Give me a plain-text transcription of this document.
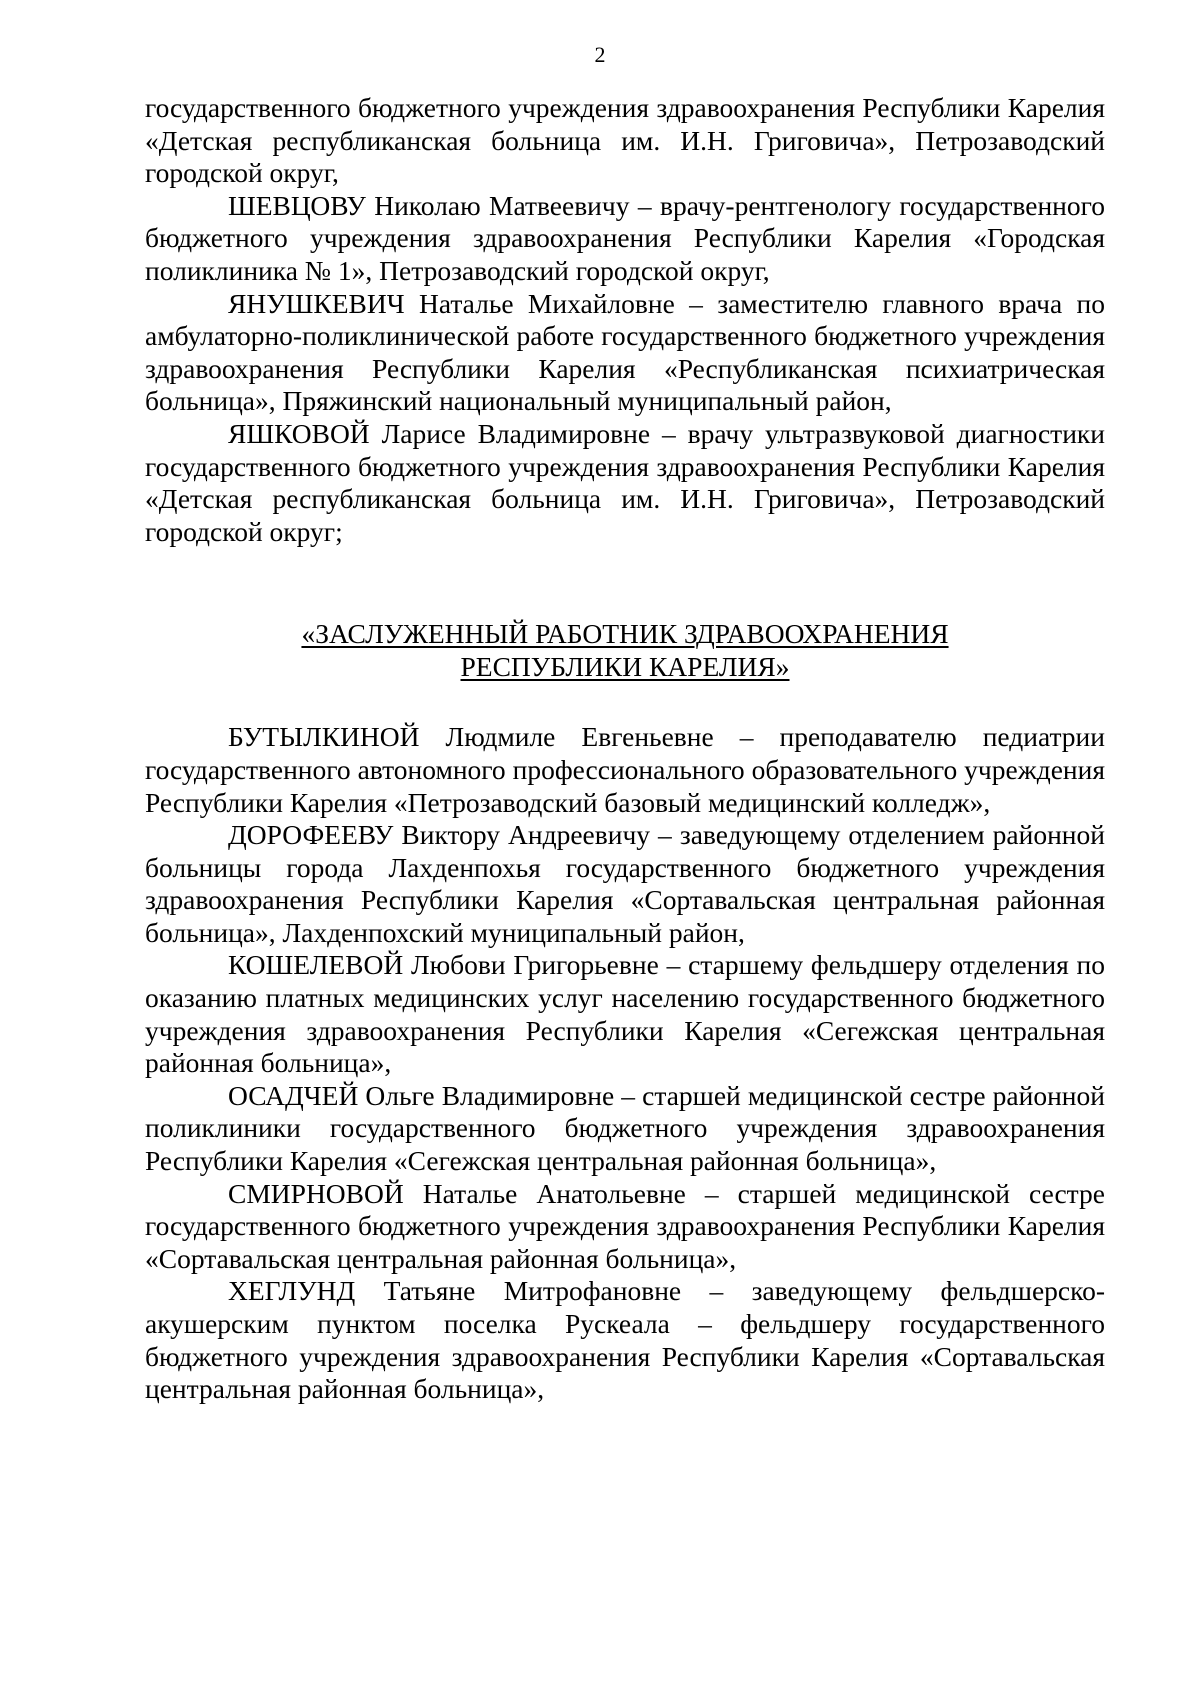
2

государственного бюджетного учреждения здравоохранения Республики Карелия «Детская республиканская больница им. И.Н. Григовича», Петрозаводский городской округ,

ШЕВЦОВУ Николаю Матвеевичу – врачу-рентгенологу государственного бюджетного учреждения здравоохранения Республики Карелия «Городская поликлиника № 1», Петрозаводский городской округ,

ЯНУШКЕВИЧ Наталье Михайловне – заместителю главного врача по амбулаторно-поликлинической работе государственного бюджетного учреждения здравоохранения Республики Карелия «Республиканская психиатрическая больница», Пряжинский национальный муниципальный район,

ЯШКОВОЙ Ларисе Владимировне – врачу ультразвуковой диагностики государственного бюджетного учреждения здравоохранения Республики Карелия «Детская республиканская больница им. И.Н. Григовича», Петрозаводский городской округ;

«ЗАСЛУЖЕННЫЙ РАБОТНИК ЗДРАВООХРАНЕНИЯ
РЕСПУБЛИКИ КАРЕЛИЯ»

БУТЫЛКИНОЙ Людмиле Евгеньевне – преподавателю педиатрии государственного автономного профессионального образовательного учреждения Республики Карелия «Петрозаводский базовый медицинский колледж»,

ДОРОФЕЕВУ Виктору Андреевичу – заведующему отделением районной больницы города Лахденпохья государственного бюджетного учреждения здравоохранения Республики Карелия «Сортавальская центральная районная больница», Лахденпохский муниципальный район,

КОШЕЛЕВОЙ Любови Григорьевне – старшему фельдшеру отделения по оказанию платных медицинских услуг населению государственного бюджетного учреждения здравоохранения Республики Карелия «Сегежская центральная районная больница»,

ОСАДЧЕЙ Ольге Владимировне – старшей медицинской сестре районной поликлиники государственного бюджетного учреждения здравоохранения Республики Карелия «Сегежская центральная районная больница»,

СМИРНОВОЙ Наталье Анатольевне – старшей медицинской сестре государственного бюджетного учреждения здравоохранения Республики Карелия «Сортавальская центральная районная больница»,

ХЕГЛУНД Татьяне Митрофановне – заведующему фельдшерско-акушерским пунктом поселка Рускеала – фельдшеру государственного бюджетного учреждения здравоохранения Республики Карелия «Сортавальская центральная районная больница»,
